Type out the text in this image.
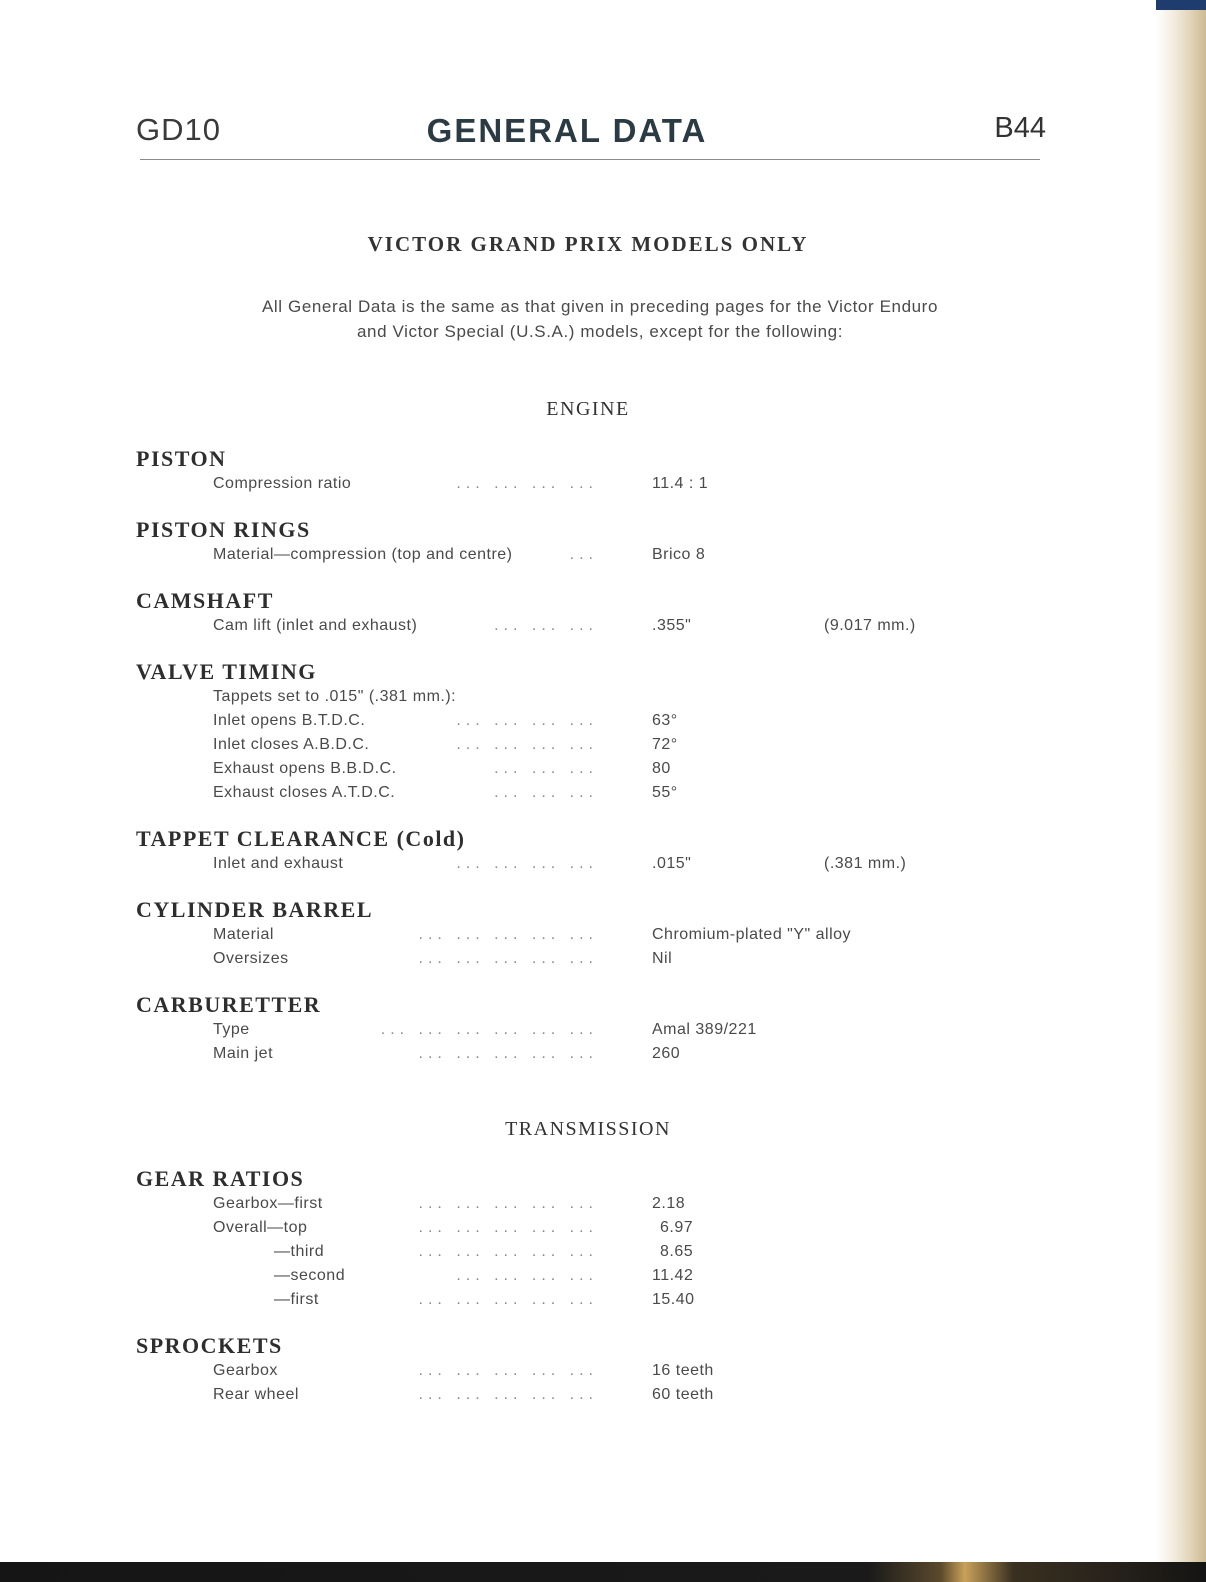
GD10	GENERAL DATA	B44
VICTOR GRAND PRIX MODELS ONLY
All General Data is the same as that given in preceding pages for the Victor Enduro
and Victor Special (U.S.A.) models, except for the following:
ENGINE
PISTON
Compression ratio	... ... ... ...	11.4 : 1
PISTON RINGS
Material—compression (top and centre)	...	Brico 8
CAMSHAFT
Cam lift (inlet and exhaust)	... ... ...	.355"	(9.017 mm.)
VALVE TIMING
Tappets set to .015" (.381 mm.):
Inlet opens B.T.D.C.	... ... ... ...	63°
Inlet closes A.B.D.C.	... ... ... ...	72°
Exhaust opens B.B.D.C.	... ... ...	80
Exhaust closes A.T.D.C.	... ... ...	55°
TAPPET CLEARANCE (Cold)
Inlet and exhaust	... ... ... ...	.015"	(.381 mm.)
CYLINDER BARREL
Material	... ... ... ... ...	Chromium-plated "Y" alloy
Oversizes	... ... ... ... ...	Nil
CARBURETTER
Type	... ... ... ... ... ...	Amal 389/221
Main jet	... ... ... ... ...	260
TRANSMISSION
GEAR RATIOS
Gearbox—first	... ... ... ... ...	2.18
Overall—top	... ... ... ... ...	6.97
—third	... ... ... ... ...	8.65
—second	... ... ... ...	11.42
—first	... ... ... ... ...	15.40
SPROCKETS
Gearbox	... ... ... ... ...	16 teeth
Rear wheel	... ... ... ... ...	60 teeth
